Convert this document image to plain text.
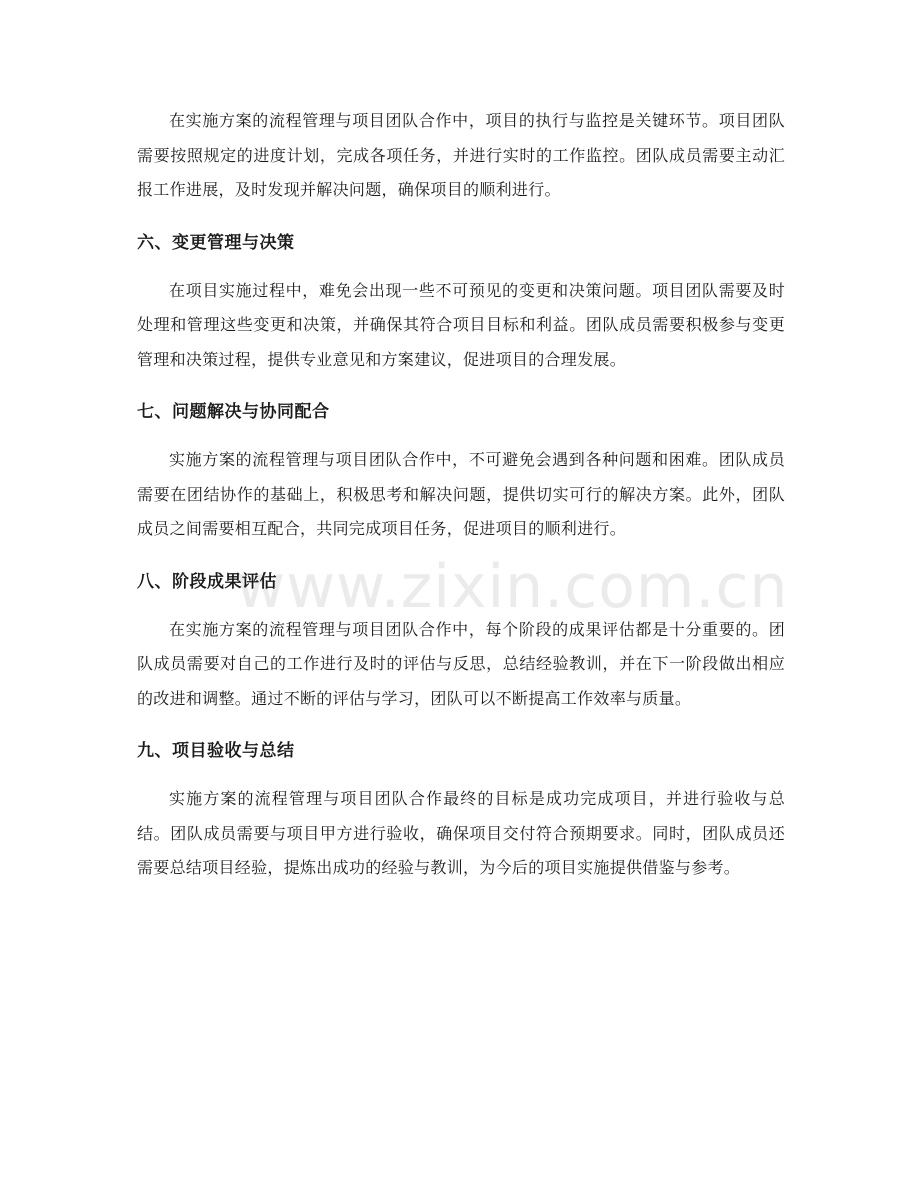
www.zixin.com.cn

在实施方案的流程管理与项目团队合作中，项目的执行与监控是关键环节。项目团队需要按照规定的进度计划，完成各项任务，并进行实时的工作监控。团队成员需要主动汇报工作进展，及时发现并解决问题，确保项目的顺利进行。

六、变更管理与决策

在项目实施过程中，难免会出现一些不可预见的变更和决策问题。项目团队需要及时处理和管理这些变更和决策，并确保其符合项目目标和利益。团队成员需要积极参与变更管理和决策过程，提供专业意见和方案建议，促进项目的合理发展。

七、问题解决与协同配合

实施方案的流程管理与项目团队合作中，不可避免会遇到各种问题和困难。团队成员需要在团结协作的基础上，积极思考和解决问题，提供切实可行的解决方案。此外，团队成员之间需要相互配合，共同完成项目任务，促进项目的顺利进行。

八、阶段成果评估

在实施方案的流程管理与项目团队合作中，每个阶段的成果评估都是十分重要的。团队成员需要对自己的工作进行及时的评估与反思，总结经验教训，并在下一阶段做出相应的改进和调整。通过不断的评估与学习，团队可以不断提高工作效率与质量。

九、项目验收与总结

实施方案的流程管理与项目团队合作最终的目标是成功完成项目，并进行验收与总结。团队成员需要与项目甲方进行验收，确保项目交付符合预期要求。同时，团队成员还需要总结项目经验，提炼出成功的经验与教训，为今后的项目实施提供借鉴与参考。
